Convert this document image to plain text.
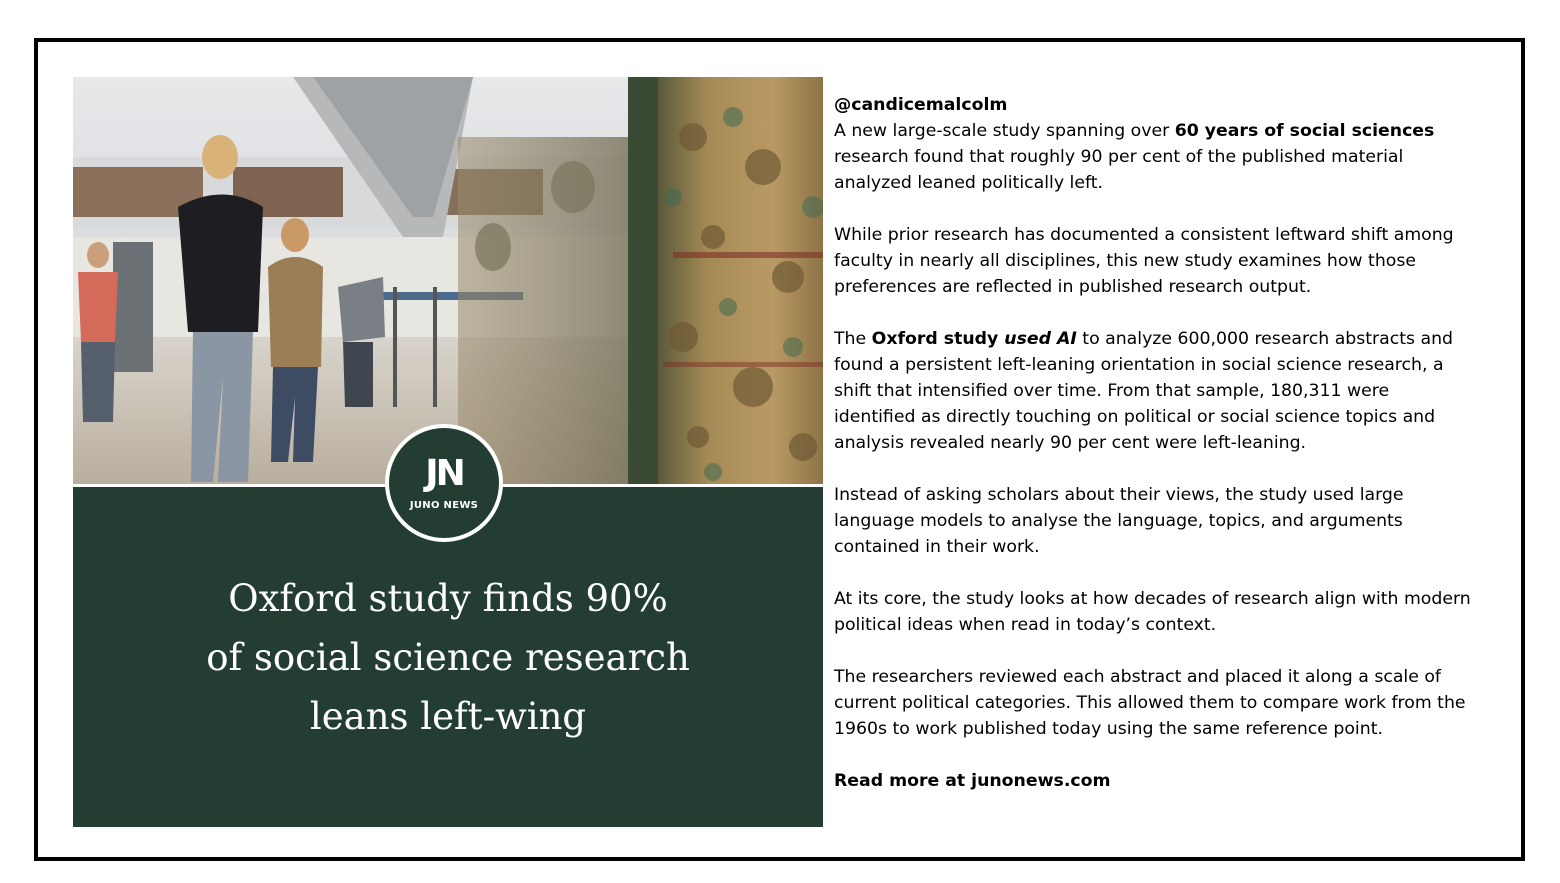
JN
JUNO NEWS
Oxford study finds 90%
of social science research
leans left-wing

@candicemalcolm

A new large-scale study spanning over 60 years of social sciences research found that roughly 90 per cent of the published material analyzed leaned politically left.

While prior research has documented a consistent leftward shift among faculty in nearly all disciplines, this new study examines how those preferences are reflected in published research output.

The Oxford study used AI to analyze 600,000 research abstracts and found a persistent left-leaning orientation in social science research, a shift that intensified over time. From that sample, 180,311 were identified as directly touching on political or social science topics and analysis revealed nearly 90 per cent were left-leaning.

Instead of asking scholars about their views, the study used large language models to analyse the language, topics, and arguments contained in their work.

At its core, the study looks at how decades of research align with modern political ideas when read in today’s context.

The researchers reviewed each abstract and placed it along a scale of current political categories. This allowed them to compare work from the 1960s to work published today using the same reference point.

Read more at junonews.com
